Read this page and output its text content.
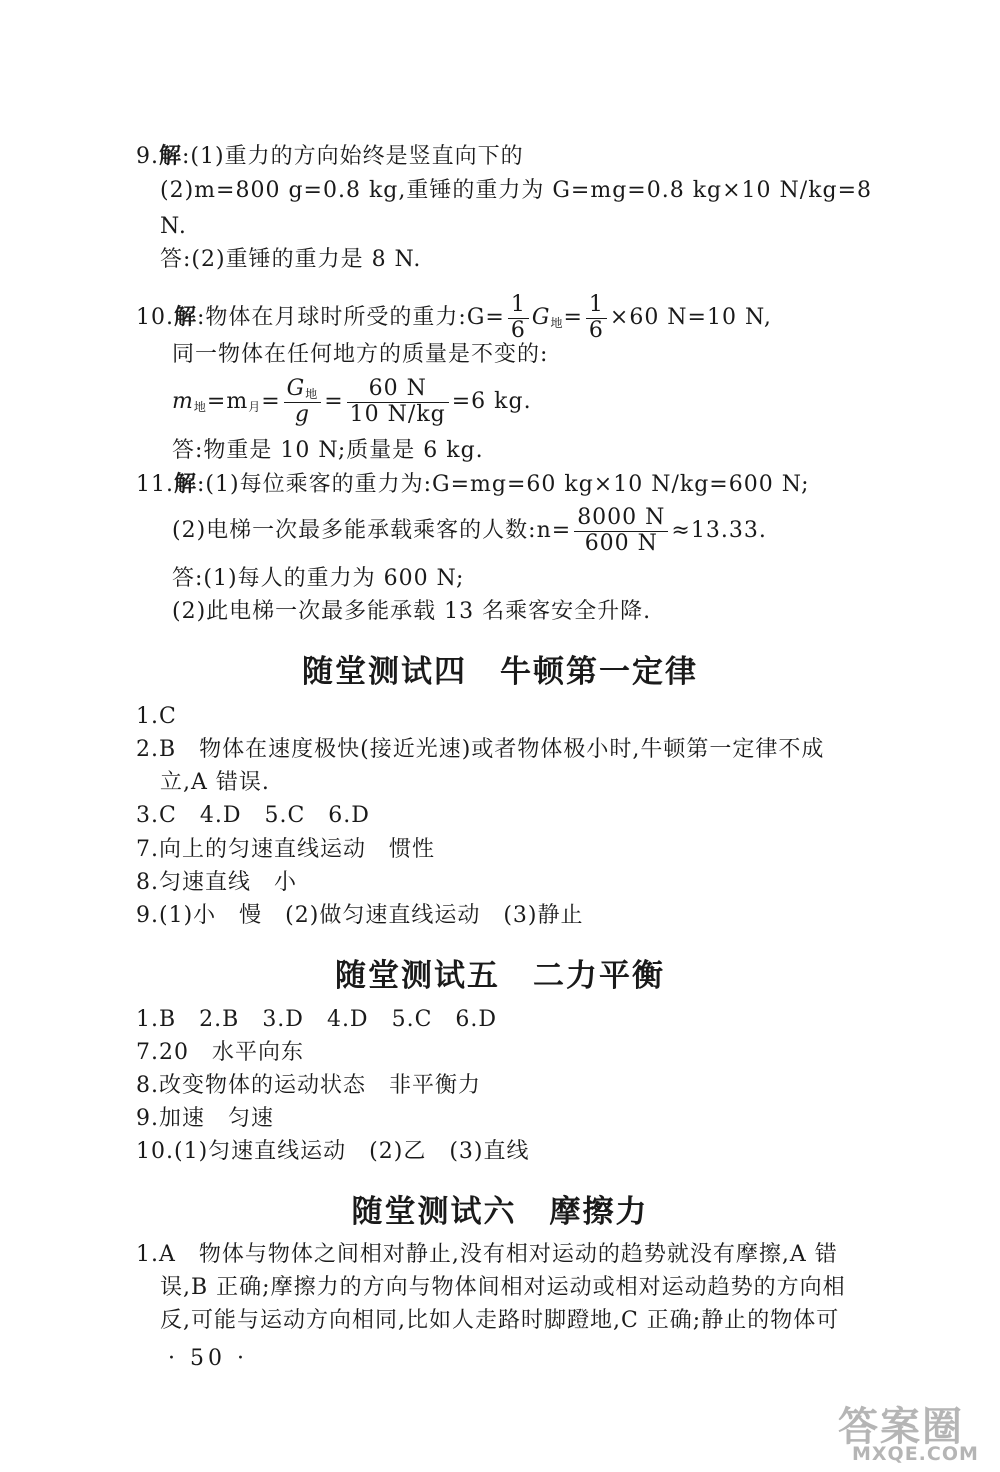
9.解:(1)重力的方向始终是竖直向下的
(2)m=800 g=0.8 kg,重锤的重力为 G=mg=0.8 kg×10 N/kg=8
N.
答:(2)重锤的重力是 8 N.
10.解:物体在月球时所受的重力:G= $\frac{1}{6} G_地= \frac{1}{6} \times 60$ N=10 N,
同一物体在任何地方的质量是不变的:
$m_地=m_月= \frac{G_地}{g} = \frac{60 N}{10 N/kg} =6$ kg.
答:物重是 10 N;质量是 6 kg.
11.解:(1)每位乘客的重力为:G=mg=60 kg×10 N/kg=600 N;
(2)电梯一次最多能承载乘客的人数:n= $\frac{8000 N}{600 N} \approx 13.33$.
答:(1)每人的重力为 600 N;
(2)此电梯一次最多能承载 13 名乘客安全升降.
随堂测试四　牛顿第一定律
1.C
2.B　物体在速度极快(接近光速)或者物体极小时,牛顿第一定律不成
立,A 错误.
3.C　4.D　5.C　6.D
7.向上的匀速直线运动　惯性
8.匀速直线　小
9.(1)小　慢　(2)做匀速直线运动　(3)静止
随堂测试五　二力平衡
1.B　2.B　3.D　4.D　5.C　6.D
7.20　水平向东
8.改变物体的运动状态　非平衡力
9.加速　匀速
10.(1)匀速直线运动　(2)乙　(3)直线
随堂测试六　摩擦力
1.A　物体与物体之间相对静止,没有相对运动的趋势就没有摩擦,A 错
误,B 正确;摩擦力的方向与物体间相对运动或相对运动趋势的方向相
反,可能与运动方向相同,比如人走路时脚蹬地,C 正确;静止的物体可
· 50 ·
答案圈
MXQE.COM
